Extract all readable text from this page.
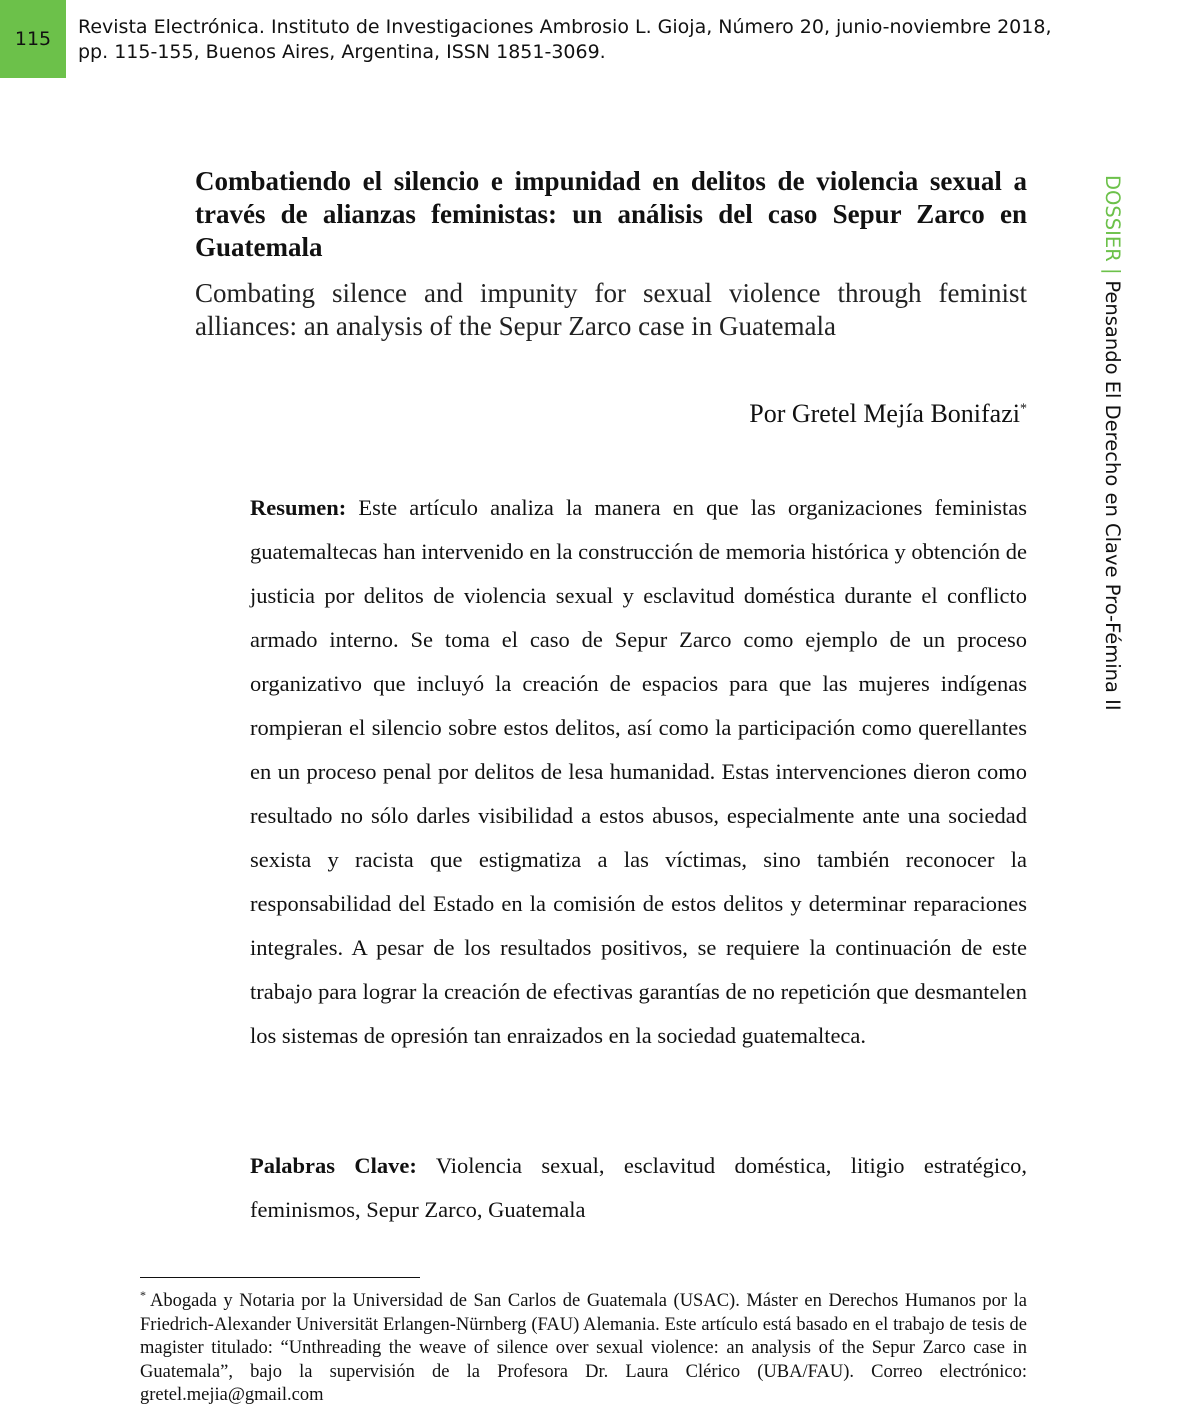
115
Revista Electrónica. Instituto de Investigaciones Ambrosio L. Gioja, Número 20, junio-noviembre 2018,
pp. 115-155, Buenos Aires, Argentina, ISSN 1851-3069.
DOSSIER|Pensando El Derecho en Clave Pro-Fémina II
Combatiendo el silencio e impunidad en delitos de violencia sexual a través de alianzas feministas: un análisis del caso Sepur Zarco en Guatemala
Combating silence and impunity for sexual violence through feminist alliances: an analysis of the Sepur Zarco case in Guatemala
Por Gretel Mejía Bonifazi*

Resumen: Este artículo analiza la manera en que las organizaciones feministas guatemaltecas han intervenido en la construcción de memoria histórica y obtención de justicia por delitos de violencia sexual y esclavitud doméstica durante el conflicto armado interno. Se toma el caso de Sepur Zarco como ejemplo de un proceso organizativo que incluyó la creación de espacios para que las mujeres indígenas rompieran el silencio sobre estos delitos, así como la participación como querellantes en un proceso penal por delitos de lesa humanidad. Estas intervenciones dieron como resultado no sólo darles visibilidad a estos abusos, especialmente ante una sociedad sexista y racista que estigmatiza a las víctimas, sino también reconocer la responsabilidad del Estado en la comisión de estos delitos y determinar reparaciones integrales. A pesar de los resultados positivos, se requiere la continuación de este trabajo para lograr la creación de efectivas garantías de no repetición que desmantelen los sistemas de opresión tan enraizados en la sociedad guatemalteca.

Palabras Clave: Violencia sexual, esclavitud doméstica, litigio estratégico, feminismos, Sepur Zarco, Guatemala

* Abogada y Notaria por la Universidad de San Carlos de Guatemala (USAC). Máster en Derechos Humanos por la Friedrich-Alexander Universität Erlangen-Nürnberg (FAU) Alemania. Este artículo está basado en el trabajo de tesis de magister titulado: “Unthreading the weave of silence over sexual violence: an analysis of the Sepur Zarco case in Guatemala”, bajo la supervisión de la Profesora Dr. Laura Clérico (UBA/FAU). Correo electrónico: gretel.mejia@gmail.com
